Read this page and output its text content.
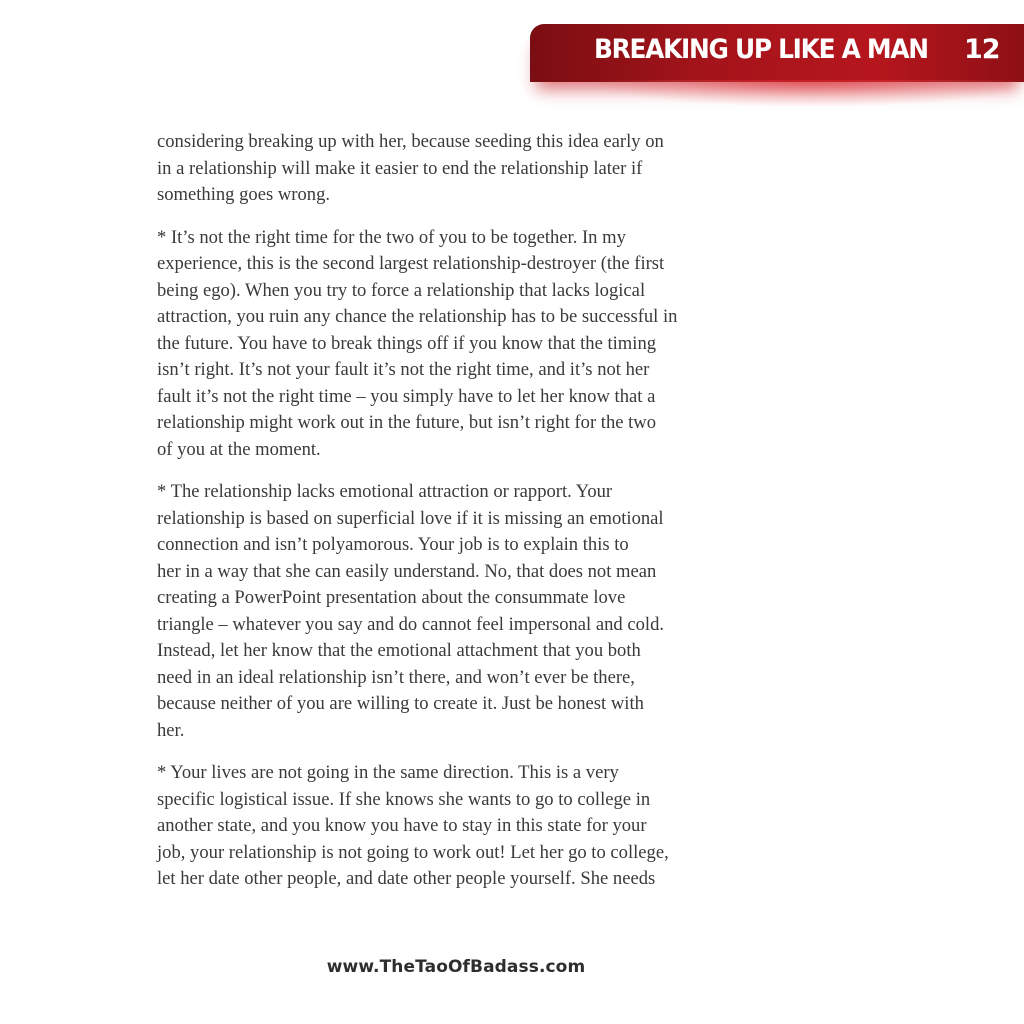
BREAKING UP LIKE A MAN 12
considering breaking up with her, because seeding this idea early on
in a relationship will make it easier to end the relationship later if
something goes wrong.
* It’s not the right time for the two of you to be together. In my
experience, this is the second largest relationship-destroyer (the first
being ego). When you try to force a relationship that lacks logical
attraction, you ruin any chance the relationship has to be successful in
the future. You have to break things off if you know that the timing
isn’t right. It’s not your fault it’s not the right time, and it’s not her
fault it’s not the right time – you simply have to let her know that a
relationship might work out in the future, but isn’t right for the two
of you at the moment.
* The relationship lacks emotional attraction or rapport. Your
relationship is based on superficial love if it is missing an emotional
connection and isn’t polyamorous. Your job is to explain this to
her in a way that she can easily understand. No, that does not mean
creating a PowerPoint presentation about the consummate love
triangle – whatever you say and do cannot feel impersonal and cold.
Instead, let her know that the emotional attachment that you both
need in an ideal relationship isn’t there, and won’t ever be there,
because neither of you are willing to create it. Just be honest with
her.
* Your lives are not going in the same direction. This is a very
specific logistical issue. If she knows she wants to go to college in
another state, and you know you have to stay in this state for your
job, your relationship is not going to work out! Let her go to college,
let her date other people, and date other people yourself. She needs
www.TheTaoOfBadass.com
